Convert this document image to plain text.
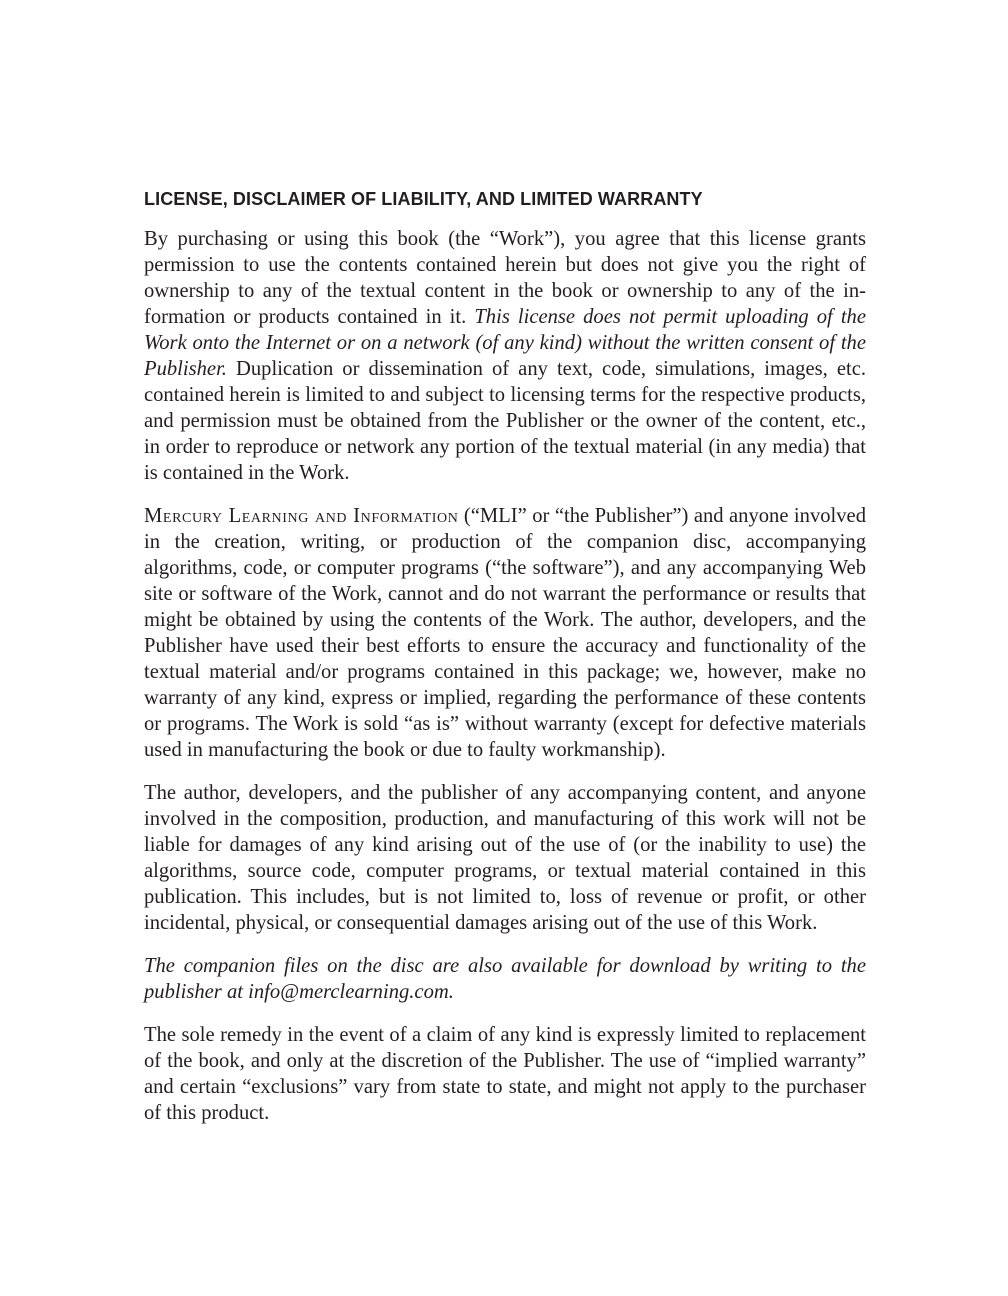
LICENSE, DISCLAIMER OF LIABILITY, AND LIMITED WARRANTY

By purchasing or using this book (the “Work”), you agree that this license grants permission to use the contents contained herein but does not give you the right of ownership to any of the textual content in the book or ownership to any of the information or products contained in it. This license does not permit uploading of the Work onto the Internet or on a network (of any kind) without the written consent of the Publisher. Duplication or dissemination of any text, code, simulations, images, etc. contained herein is limited to and subject to licensing terms for the respective products, and permission must be obtained from the Publisher or the owner of the content, etc., in order to reproduce or network any portion of the textual material (in any media) that is contained in the Work.

Mercury Learning and Information (“MLI” or “the Publisher”) and anyone involved in the creation, writing, or production of the companion disc, accompanying algorithms, code, or computer programs (“the software”), and any accompanying Web site or software of the Work, cannot and do not warrant the performance or results that might be obtained by using the contents of the Work. The author, developers, and the Publisher have used their best efforts to ensure the accuracy and functionality of the textual material and/or programs contained in this package; we, however, make no warranty of any kind, express or implied, regarding the performance of these contents or programs. The Work is sold “as is” without warranty (except for defective materials used in manufacturing the book or due to faulty workmanship).

The author, developers, and the publisher of any accompanying content, and anyone involved in the composition, production, and manufacturing of this work will not be liable for damages of any kind arising out of the use of (or the inability to use) the algorithms, source code, computer programs, or textual material contained in this publication. This includes, but is not limited to, loss of revenue or profit, or other incidental, physical, or consequential damages arising out of the use of this Work.

The companion files on the disc are also available for download by writing to the publisher at info@merclearning.com.

The sole remedy in the event of a claim of any kind is expressly limited to replacement of the book, and only at the discretion of the Publisher. The use of “implied warranty” and certain “exclusions” vary from state to state, and might not apply to the purchaser of this product.
